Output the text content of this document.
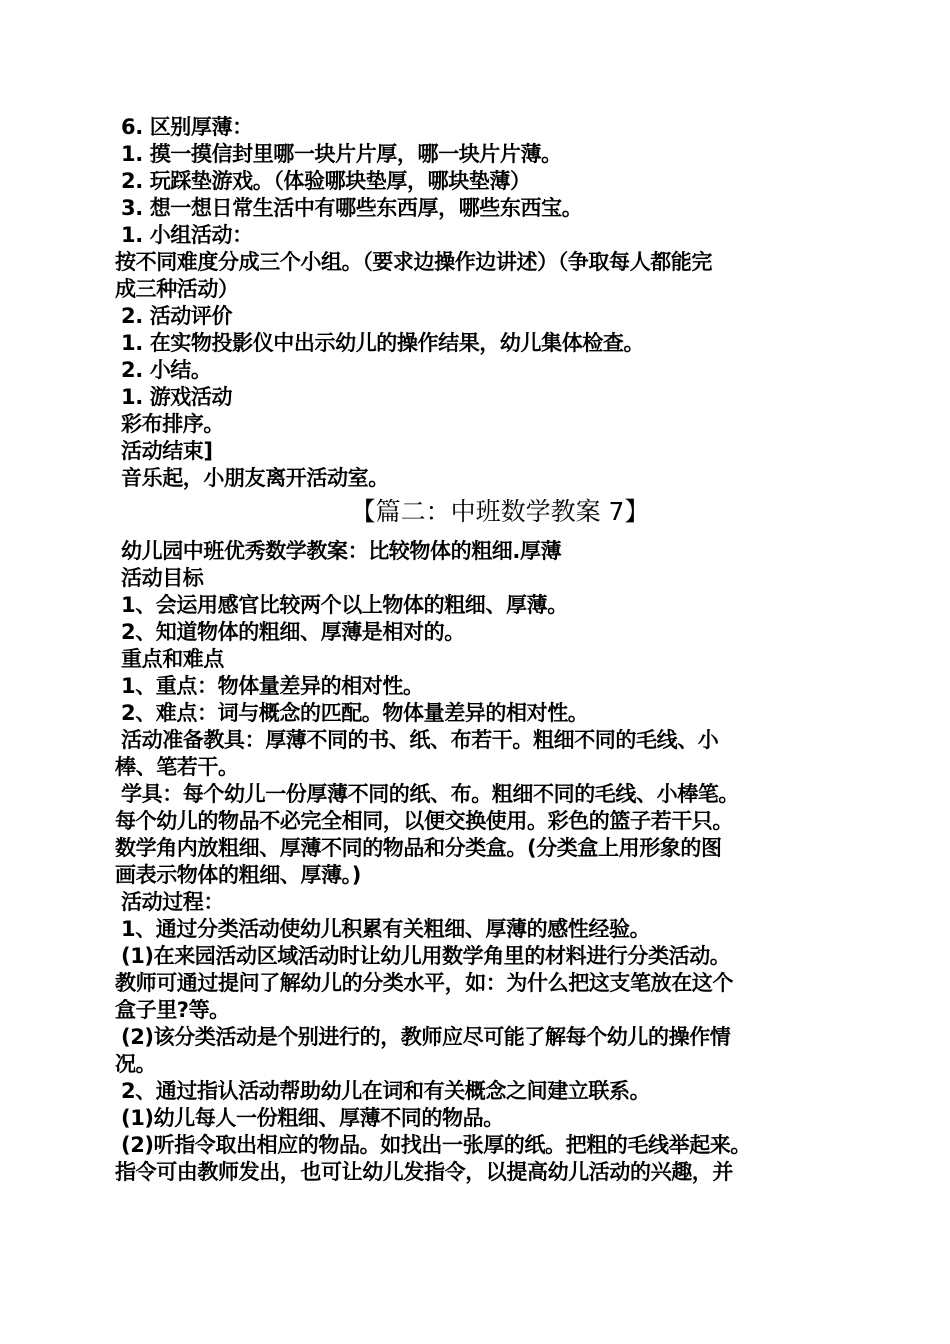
6. 区别厚薄：
1. 摸一摸信封里哪一块片片厚，哪一块片片薄。
2. 玩踩垫游戏。（体验哪块垫厚，哪块垫薄）
3. 想一想日常生活中有哪些东西厚，哪些东西宝。
1. 小组活动：
按不同难度分成三个小组。（要求边操作边讲述）（争取每人都能完
成三种活动）
2. 活动评价
1. 在实物投影仪中出示幼儿的操作结果，幼儿集体检查。
2. 小结。
1. 游戏活动
彩布排序。
活动结束]
音乐起，小朋友离开活动室。
【篇二：中班数学教案 7】
幼儿园中班优秀数学教案：比较物体的粗细.厚薄
活动目标
1、会运用感官比较两个以上物体的粗细、厚薄。
2、知道物体的粗细、厚薄是相对的。
重点和难点
1、重点：物体量差异的相对性。
2、难点：词与概念的匹配。物体量差异的相对性。
活动准备教具：厚薄不同的书、纸、布若干。粗细不同的毛线、小
棒、笔若干。
学具：每个幼儿一份厚薄不同的纸、布。粗细不同的毛线、小棒笔。
每个幼儿的物品不必完全相同，以便交换使用。彩色的篮子若干只。
数学角内放粗细、厚薄不同的物品和分类盒。(分类盒上用形象的图
画表示物体的粗细、厚薄。)
活动过程：
1、通过分类活动使幼儿积累有关粗细、厚薄的感性经验。
(1)在来园活动区域活动时让幼儿用数学角里的材料进行分类活动。
教师可通过提问了解幼儿的分类水平，如：为什么把这支笔放在这个
盒子里?等。
(2)该分类活动是个别进行的，教师应尽可能了解每个幼儿的操作情
况。
2、通过指认活动帮助幼儿在词和有关概念之间建立联系。
(1)幼儿每人一份粗细、厚薄不同的物品。
(2)听指令取出相应的物品。如找出一张厚的纸。把粗的毛线举起来。
指令可由教师发出，也可让幼儿发指令，以提高幼儿活动的兴趣，并
